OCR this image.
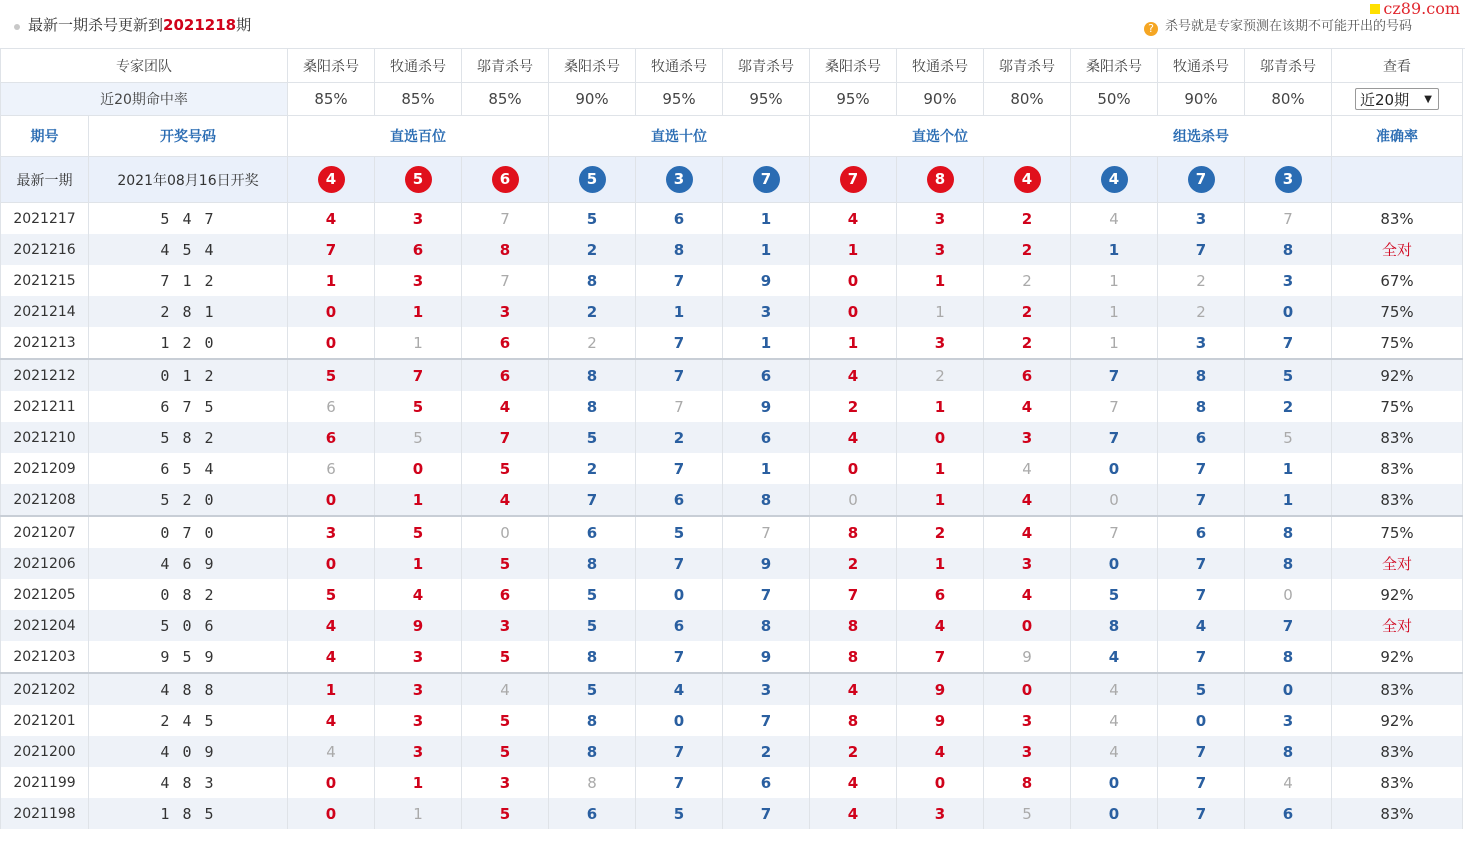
最新一期杀号更新到2021218期	? 杀号就是专家预测在该期不可能开出的号码
cz89.com
专家团队		桑阳杀号	牧通杀号	邬青杀号	桑阳杀号	牧通杀号	邬青杀号	桑阳杀号	牧通杀号	邬青杀号	桑阳杀号	牧通杀号	邬青杀号	查看
近20期命中率		85%	85%	85%	90%	95%	95%	95%	90%	80%	50%	90%	80%	近20期 ▼

期号	开奖号码	直选百位			直选十位			直选个位			组选杀号			准确率
最新一期	2021年08月16日开奖	4	5	6	5	3	7	7	8	4	4	7	3	
2021217	5 4 7	4	3	7	5	6	1	4	3	2	4	3	7	83%
2021216	4 5 4	7	6	8	2	8	1	1	3	2	1	7	8	全对
2021215	7 1 2	1	3	7	8	7	9	0	1	2	1	2	3	67%
2021214	2 8 1	0	1	3	2	1	3	0	1	2	1	2	0	75%
2021213	1 2 0	0	1	6	2	7	1	1	3	2	1	3	7	75%
2021212	0 1 2	5	7	6	8	7	6	4	2	6	7	8	5	92%
2021211	6 7 5	6	5	4	8	7	9	2	1	4	7	8	2	75%
2021210	5 8 2	6	5	7	5	2	6	4	0	3	7	6	5	83%
2021209	6 5 4	6	0	5	2	7	1	0	1	4	0	7	1	83%
2021208	5 2 0	0	1	4	7	6	8	0	1	4	0	7	1	83%
2021207	0 7 0	3	5	0	6	5	7	8	2	4	7	6	8	75%
2021206	4 6 9	0	1	5	8	7	9	2	1	3	0	7	8	全对
2021205	0 8 2	5	4	6	5	0	7	7	6	4	5	7	0	92%
2021204	5 0 6	4	9	3	5	6	8	8	4	0	8	4	7	全对
2021203	9 5 9	4	3	5	8	7	9	8	7	9	4	7	8	92%
2021202	4 8 8	1	3	4	5	4	3	4	9	0	4	5	0	83%
2021201	2 4 5	4	3	5	8	0	7	8	9	3	4	0	3	92%
2021200	4 0 9	4	3	5	8	7	2	2	4	3	4	7	8	83%
2021199	4 8 3	0	1	3	8	7	6	4	0	8	0	7	4	83%
2021198	1 8 5	0	1	5	6	5	7	4	3	5	0	7	6	83%
